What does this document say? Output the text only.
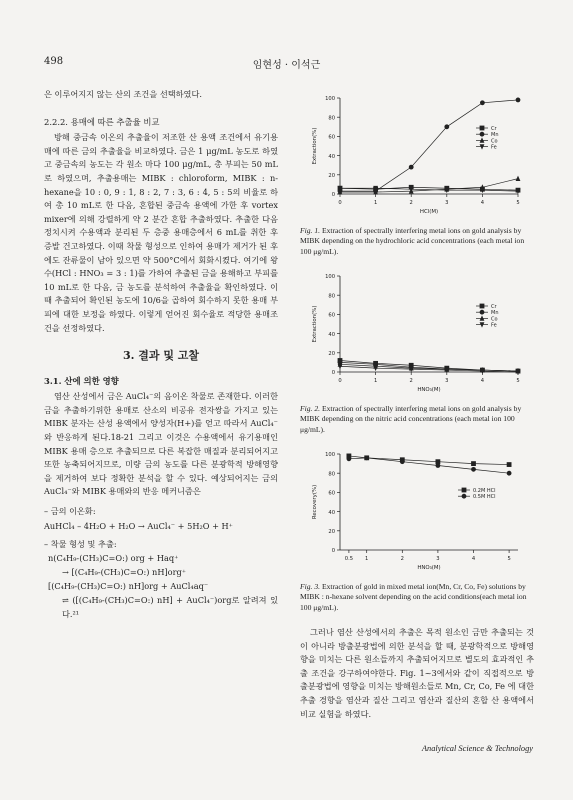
498	임현성 · 이석근

은 이루어지지 않는 산의 조건을 선택하였다.

2.2.2. 용매에 따른 추출율 비교

방해 중금속 이온의 추출율이 저조한 산 용액 조건에서 유기용매에 따른 금의 추출율을 비교하였다. 금은 1 μg/mL 농도로 하였고 중금속의 농도는 각 원소 마다 100 μg/mL, 총 부피는 50 mL로 하였으며, 추출용매는 MIBK : chloroform, MIBK : n-hexane을 10 : 0, 9 : 1, 8 : 2, 7 : 3, 6 : 4, 5 : 5의 비율로 하여 총 10 mL로 한 다음, 혼합된 중금속 용액에 가한 후 vortex mixer에 의해 강렬하게 약 2 분간 혼합 추출하였다. 추출한 다음 정치시켜 수용액과 분리된 두 층중 용매층에서 6 mL를 취한 후 증발 건고하였다. 이때 착물 형성으로 인하여 용매가 제거가 된 후에도 잔류물이 남아 있으면 약 500°C에서 회화시켰다. 여기에 왕수(HCl : HNO₃ = 3 : 1)를 가하여 추출된 금을 용해하고 부피를 10 mL로 한 다음, 금 농도를 분석하여 추출율을 확인하였다. 이때 추출되어 확인된 농도에 10/6을 곱하여 회수하지 못한 용매 부피에 대한 보정을 하였다. 이렇게 얻어진 회수율로 적당한 용매조건을 선정하였다.

3. 결과 및 고찰
3.1. 산에 의한 영향

염산 산성에서 금은 AuCl₄⁻의 음이온 착물로 존재한다. 이러한 금을 추출하기위한 용매로 산소의 비공유 전자쌍을 가지고 있는 MIBK 분자는 산성 용액에서 양성자(H+)를 얻고 따라서 AuCl₄⁻와 반응하게 된다.18-21 그리고 이것은 수용액에서 유기용매인 MIBK 용매 층으로 추출되므로 다른 복잡한 매질과 분리되어지고 또한 농축되어지므로, 미량 금의 농도를 다른 분광학적 방해영향을 제거하여 보다 정확한 분석을 할 수 있다. 예상되어지는 금의 AuCl₄⁻와 MIBK 용매와의 반응 메커니즘은

– 금의 이온화:

AuHCl₄ – 4H₂O + H₂O → AuCl₄⁻ + 5H₂O + H⁺

– 착물 형성 및 추출:

n(C₄H₉-(CH₃)C=O:) org + Haq⁺

→ [(C₄H₉-(CH₃)C=O:) nH]org⁺

[(C₄H₉-(CH₃)C=O:) nH]org + AuCl₄aq⁻

⇌ ([(C₄H₉-(CH₃)C=O:) nH] + AuCl₄⁻)org로 알려져 있다.²¹

0
20
40
60
80
100
0	1	2	3	4	5
HCl(M)
Extraction(%)	Cr
Mn
Co
Fe
Fig. 1. Extraction of spectrally interfering metal ions on gold analysis by MIBK depending on the hydrochloric acid concentrations (each metal ion 100 μg/mL).
0
20
40
60
80
100
0	1	2	3	4	5
HNO₃(M)
Extraction(%)	Cr
Mn
Co
Fe
Fig. 2. Extraction of spectrally interfering metal ions on gold analysis by MIBK depending on the nitric acid concentrations (each metal ion 100 μg/mL).
0
20
40
60
80
100
0.5 1	2	3	4	5
HNO₃(M)
Recovery(%)	0.2M HCl
0.5M HCl
Fig. 3. Extraction of gold in mixed metal ion(Mn, Cr, Co, Fe) solutions by MIBK : n-hexane solvent depending on the acid conditions(each metal ion 100 μg/mL).

그러나 염산 산성에서의 추출은 목적 원소인 금만 추출되는 것이 아니라 방출분광법에 의한 분석을 할 때, 분광학적으로 방해영향을 미치는 다른 원소들까지 추출되어지므로 별도의 효과적인 추출 조건을 강구하여야한다. Fig. 1~3에서와 같이 직접적으로 방출분광법에 영향을 미치는 방해원소들로 Mn, Cr, Co, Fe 에 대한 추출 경향을 염산과 질산 그리고 염산과 질산의 혼합 산 용액에서 비교 실험을 하였다.

Analytical Science & Technology
